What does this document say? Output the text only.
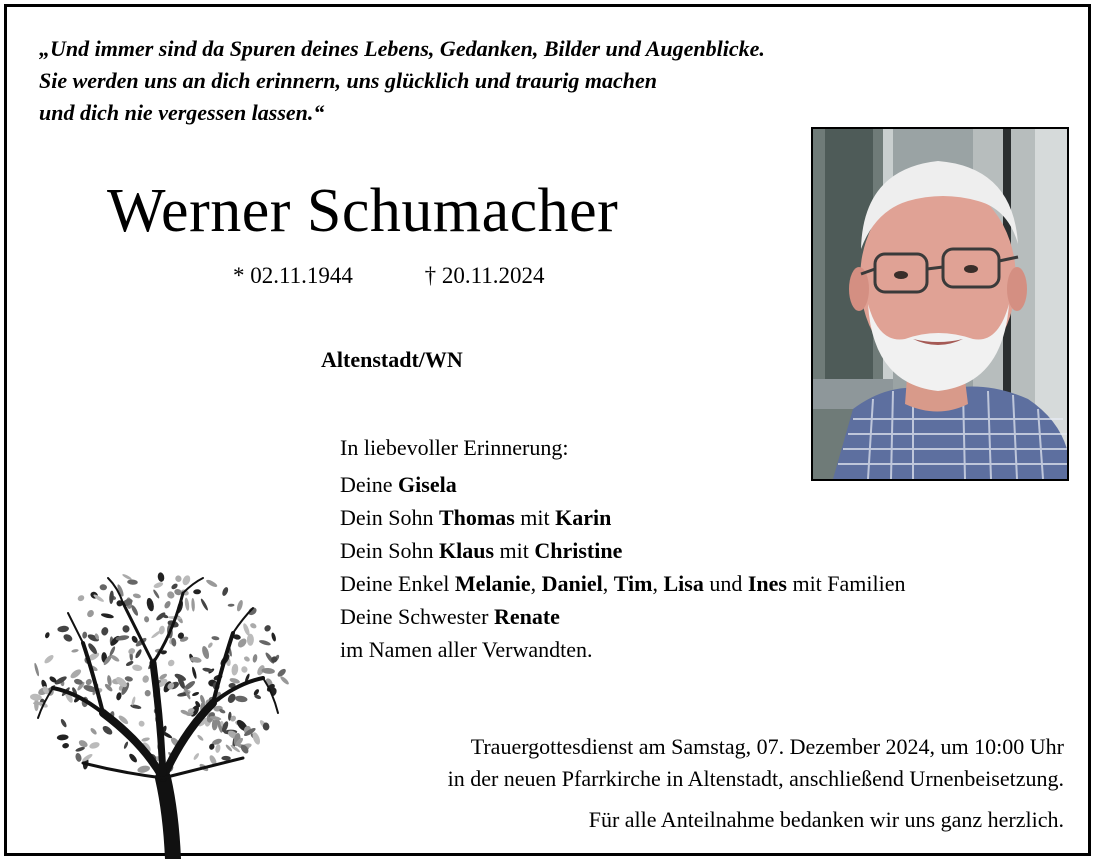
„Und immer sind da Spuren deines Lebens, Gedanken, Bilder und Augenblicke.
Sie werden uns an dich erinnern, uns glücklich und traurig machen
und dich nie vergessen lassen.“
Werner Schumacher
* 02.11.1944	† 20.11.2024
Altenstadt/WN
In liebevoller Erinnerung:
Deine Gisela
Dein Sohn Thomas mit Karin
Dein Sohn Klaus mit Christine
Deine Enkel Melanie, Daniel, Tim, Lisa und Ines mit Familien
Deine Schwester Renate
im Namen aller Verwandten.
Trauergottesdienst am Samstag, 07. Dezember 2024, um 10:00 Uhr
in der neuen Pfarrkirche in Altenstadt, anschließend Urnenbeisetzung.
Für alle Anteilnahme bedanken wir uns ganz herzlich.
